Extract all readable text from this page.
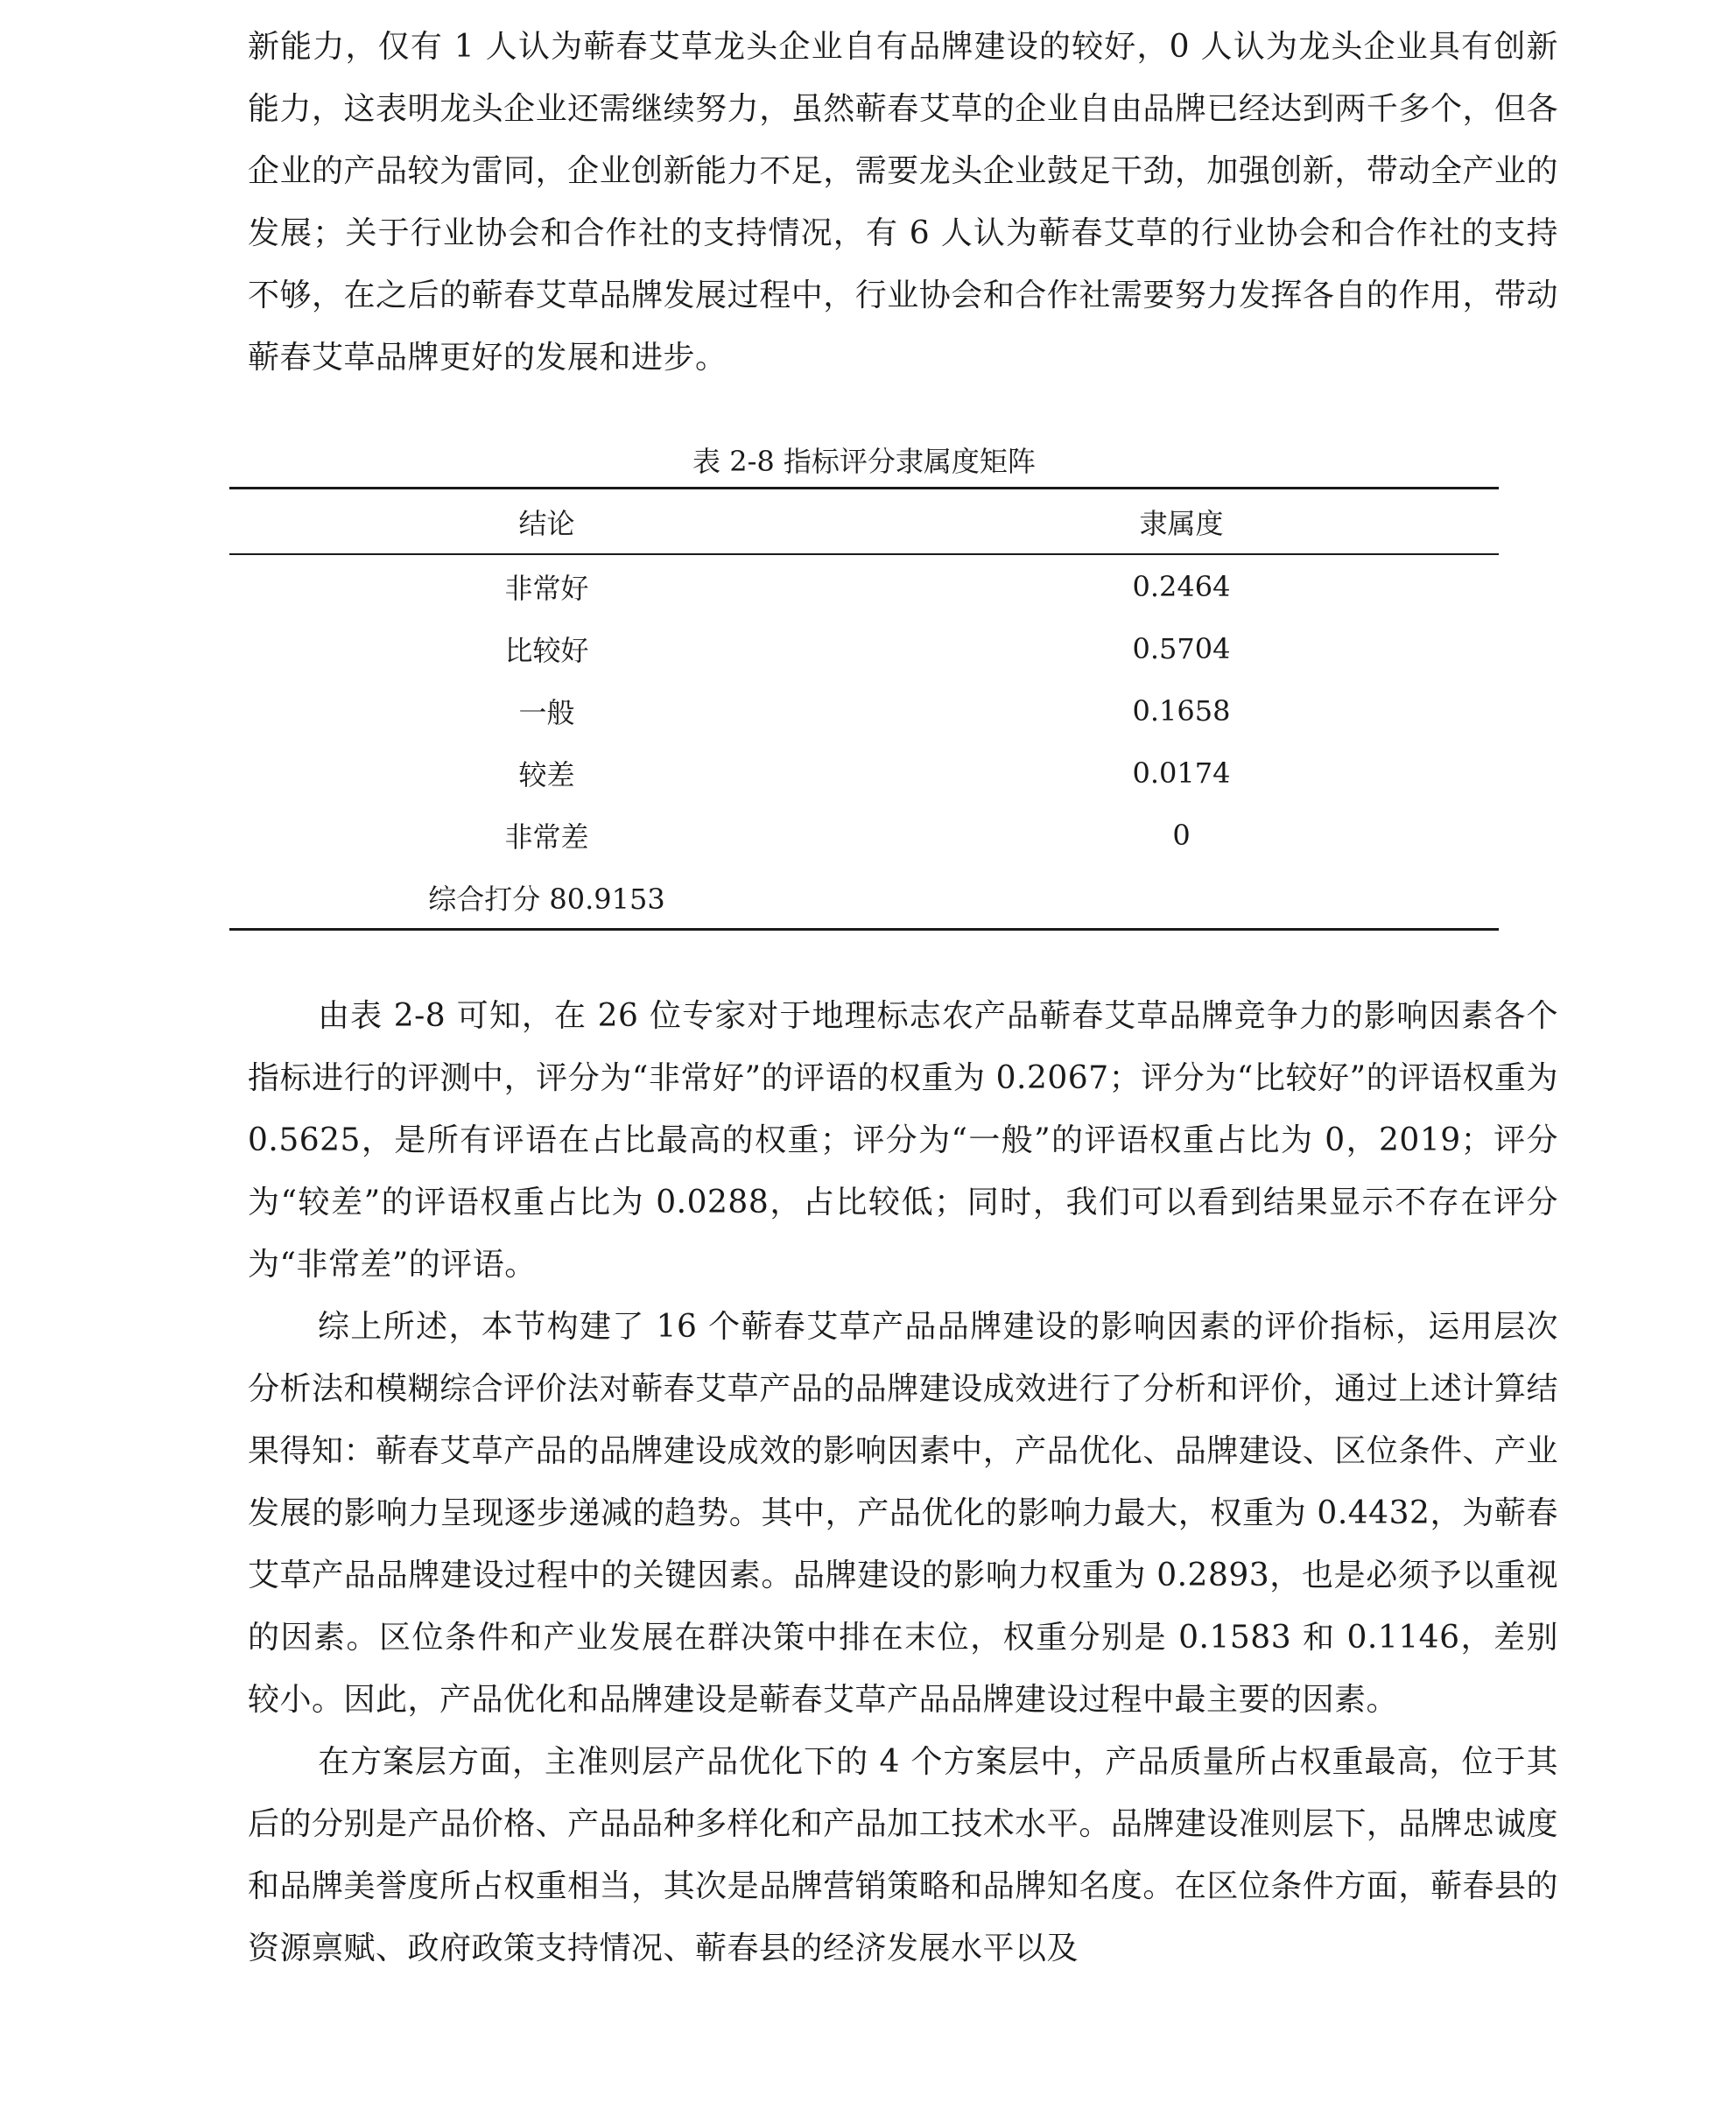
新能力，仅有 1 人认为蕲春艾草龙头企业自有品牌建设的较好，0 人认为龙头企业具有创新能力，这表明龙头企业还需继续努力，虽然蕲春艾草的企业自由品牌已经达到两千多个，但各企业的产品较为雷同，企业创新能力不足，需要龙头企业鼓足干劲，加强创新，带动全产业的发展；关于行业协会和合作社的支持情况，有 6 人认为蕲春艾草的行业协会和合作社的支持不够，在之后的蕲春艾草品牌发展过程中，行业协会和合作社需要努力发挥各自的作用，带动蕲春艾草品牌更好的发展和进步。

表 2-8 指标评分隶属度矩阵
结论	隶属度
非常好	0.2464
比较好	0.5704
一般	0.1658
较差	0.0174
非常差	0
综合打分 80.9153	

由表 2-8 可知，在 26 位专家对于地理标志农产品蕲春艾草品牌竞争力的影响因素各个指标进行的评测中，评分为“非常好”的评语的权重为 0.2067；评分为“比较好”的评语权重为 0.5625，是所有评语在占比最高的权重；评分为“一般”的评语权重占比为 0，2019；评分为“较差”的评语权重占比为 0.0288，占比较低；同时，我们可以看到结果显示不存在评分为“非常差”的评语。

综上所述，本节构建了 16 个蕲春艾草产品品牌建设的影响因素的评价指标，运用层次分析法和模糊综合评价法对蕲春艾草产品的品牌建设成效进行了分析和评价，通过上述计算结果得知：蕲春艾草产品的品牌建设成效的影响因素中，产品优化、品牌建设、区位条件、产业发展的影响力呈现逐步递减的趋势。其中，产品优化的影响力最大，权重为 0.4432，为蕲春艾草产品品牌建设过程中的关键因素。品牌建设的影响力权重为 0.2893，也是必须予以重视的因素。区位条件和产业发展在群决策中排在末位，权重分别是 0.1583 和 0.1146，差别较小。因此，产品优化和品牌建设是蕲春艾草产品品牌建设过程中最主要的因素。

在方案层方面，主准则层产品优化下的 4 个方案层中，产品质量所占权重最高，位于其后的分别是产品价格、产品品种多样化和产品加工技术水平。品牌建设准则层下，品牌忠诚度和品牌美誉度所占权重相当，其次是品牌营销策略和品牌知名度。在区位条件方面，蕲春县的资源禀赋、政府政策支持情况、蕲春县的经济发展水平以及
